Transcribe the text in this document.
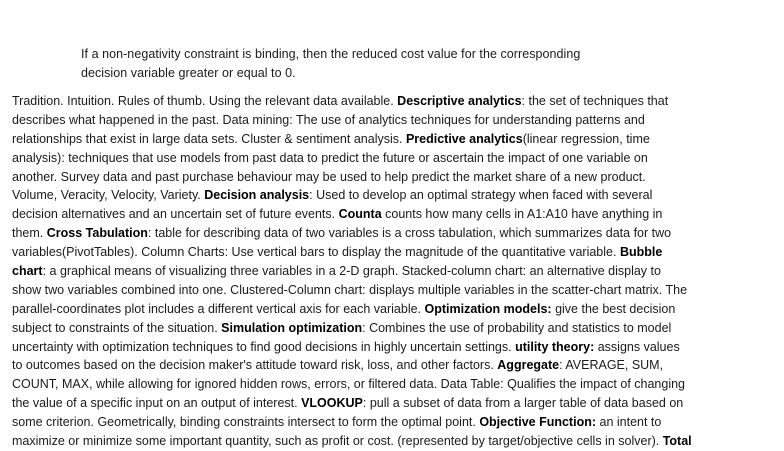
If a non-negativity constraint is binding, then the reduced cost value for the corresponding
decision variable greater or equal to 0.
Tradition. Intuition. Rules of thumb. Using the relevant data available. Descriptive analytics: the set of techniques that
describes what happened in the past. Data mining: The use of analytics techniques for understanding patterns and
relationships that exist in large data sets. Cluster & sentiment analysis. Predictive analytics(linear regression, time
analysis): techniques that use models from past data to predict the future or ascertain the impact of one variable on
another. Survey data and past purchase behaviour may be used to help predict the market share of a new product.
Volume, Veracity, Velocity, Variety. Decision analysis: Used to develop an optimal strategy when faced with several
decision alternatives and an uncertain set of future events. Counta counts how many cells in A1:A10 have anything in
them. Cross Tabulation: table for describing data of two variables is a cross tabulation, which summarizes data for two
variables(PivotTables). Column Charts: Use vertical bars to display the magnitude of the quantitative variable. Bubble
chart: a graphical means of visualizing three variables in a 2-D graph. Stacked-column chart: an alternative display to
show two variables combined into one. Clustered-Column chart: displays multiple variables in the scatter-chart matrix. The
parallel-coordinates plot includes a different vertical axis for each variable. Optimization models: give the best decision
subject to constraints of the situation. Simulation optimization: Combines the use of probability and statistics to model
uncertainty with optimization techniques to find good decisions in highly uncertain settings. utility theory: assigns values
to outcomes based on the decision maker's attitude toward risk, loss, and other factors. Aggregate: AVERAGE, SUM,
COUNT, MAX, while allowing for ignored hidden rows, errors, or filtered data. Data Table: Qualifies the impact of changing
the value of a specific input on an output of interest. VLOOKUP: pull a subset of data from a larger table of data based on
some criterion. Geometrically, binding constraints intersect to form the optimal point. Objective Function: an intent to
maximize or minimize some important quantity, such as profit or cost. (represented by target/objective cells in solver). Total
